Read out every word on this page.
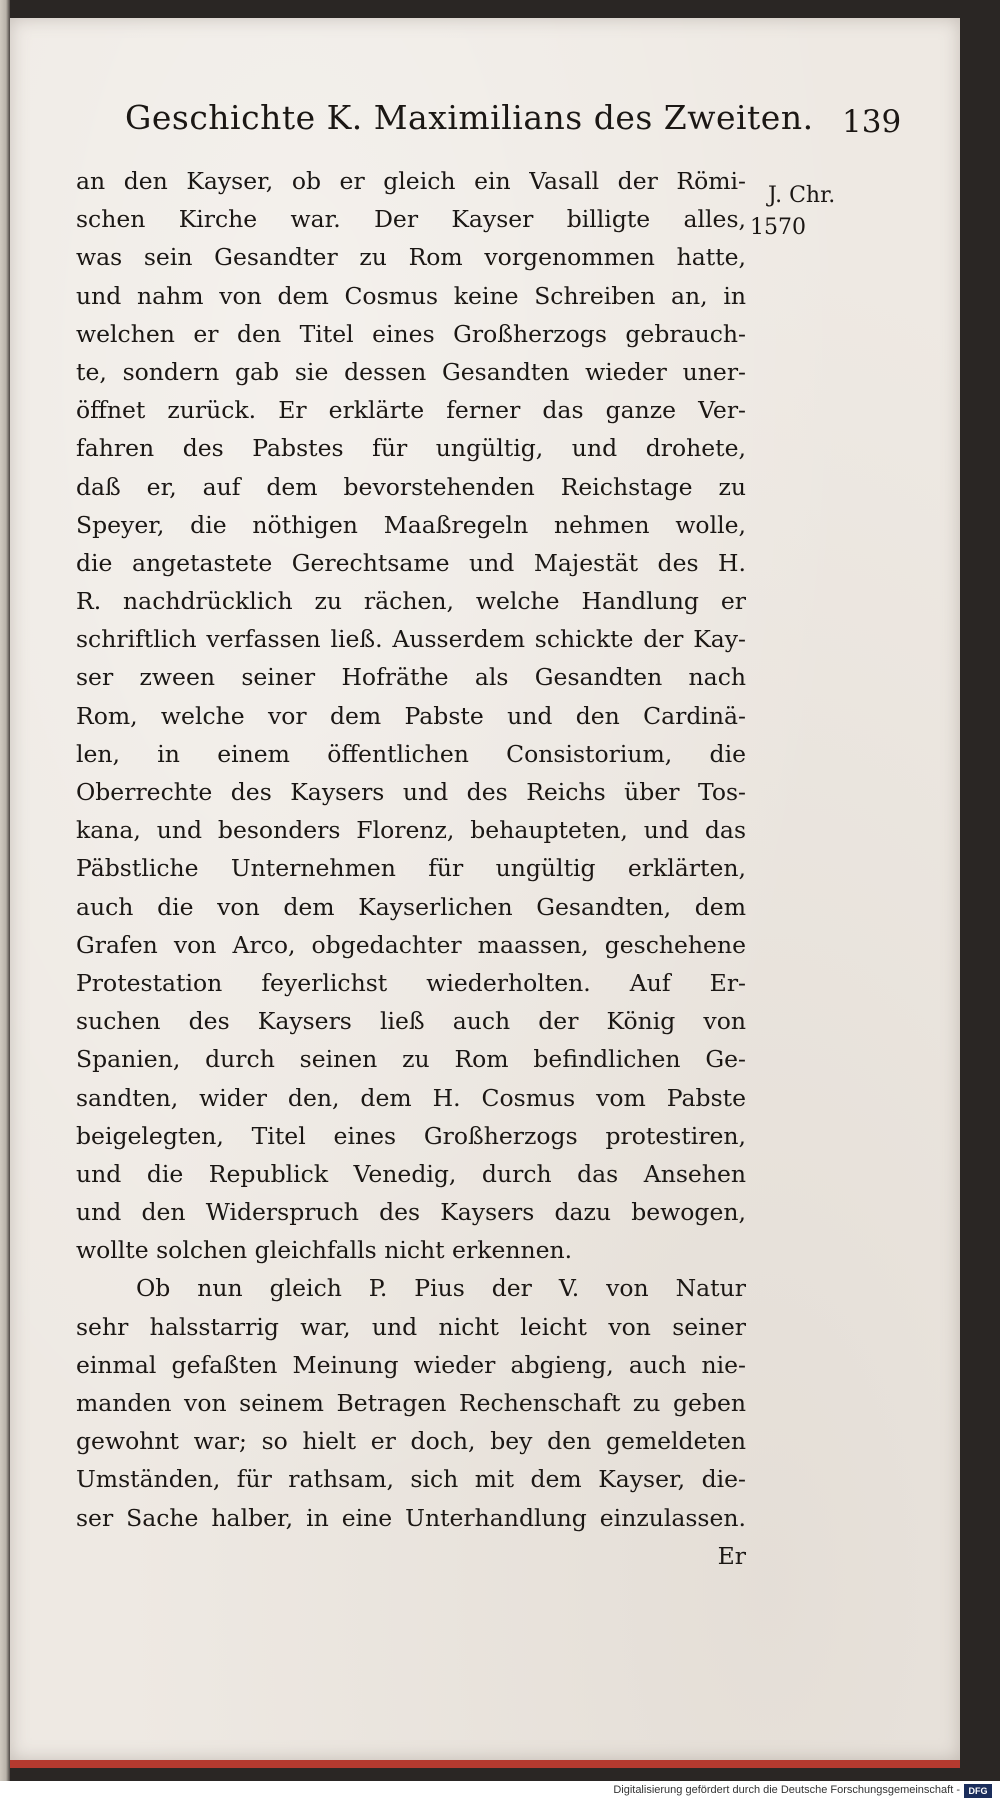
Geschichte K. Maximilians des Zweiten. 139
J. Chr.
1570
an den Kayser, ob er gleich ein Vasall der Römi-
schen Kirche war. Der Kayser billigte alles,
was sein Gesandter zu Rom vorgenommen hatte,
und nahm von dem Cosmus keine Schreiben an, in
welchen er den Titel eines Großherzogs gebrauch-
te, sondern gab sie dessen Gesandten wieder uner-
öffnet zurück. Er erklärte ferner das ganze Ver-
fahren des Pabstes für ungültig, und drohete,
daß er, auf dem bevorstehenden Reichstage zu
Speyer, die nöthigen Maaßregeln nehmen wolle,
die angetastete Gerechtsame und Majestät des H.
R. nachdrücklich zu rächen, welche Handlung er
schriftlich verfassen ließ. Ausserdem schickte der Kay-
ser zween seiner Hofräthe als Gesandten nach
Rom, welche vor dem Pabste und den Cardinä-
len, in einem öffentlichen Consistorium, die
Oberrechte des Kaysers und des Reichs über Tos-
kana, und besonders Florenz, behaupteten, und das
Päbstliche Unternehmen für ungültig erklärten,
auch die von dem Kayserlichen Gesandten, dem
Grafen von Arco, obgedachter maassen, geschehene
Protestation feyerlichst wiederholten. Auf Er-
suchen des Kaysers ließ auch der König von
Spanien, durch seinen zu Rom befindlichen Ge-
sandten, wider den, dem H. Cosmus vom Pabste
beigelegten, Titel eines Großherzogs protestiren,
und die Republick Venedig, durch das Ansehen
und den Widerspruch des Kaysers dazu bewogen,
wollte solchen gleichfalls nicht erkennen.
Ob nun gleich P. Pius der V. von Natur
sehr halsstarrig war, und nicht leicht von seiner
einmal gefaßten Meinung wieder abgieng, auch nie-
manden von seinem Betragen Rechenschaft zu geben
gewohnt war; so hielt er doch, bey den gemeldeten
Umständen, für rathsam, sich mit dem Kayser, die-
ser Sache halber, in eine Unterhandlung einzulassen.
Er
Digitalisierung gefördert durch die Deutsche Forschungsgemeinschaft - DFG
